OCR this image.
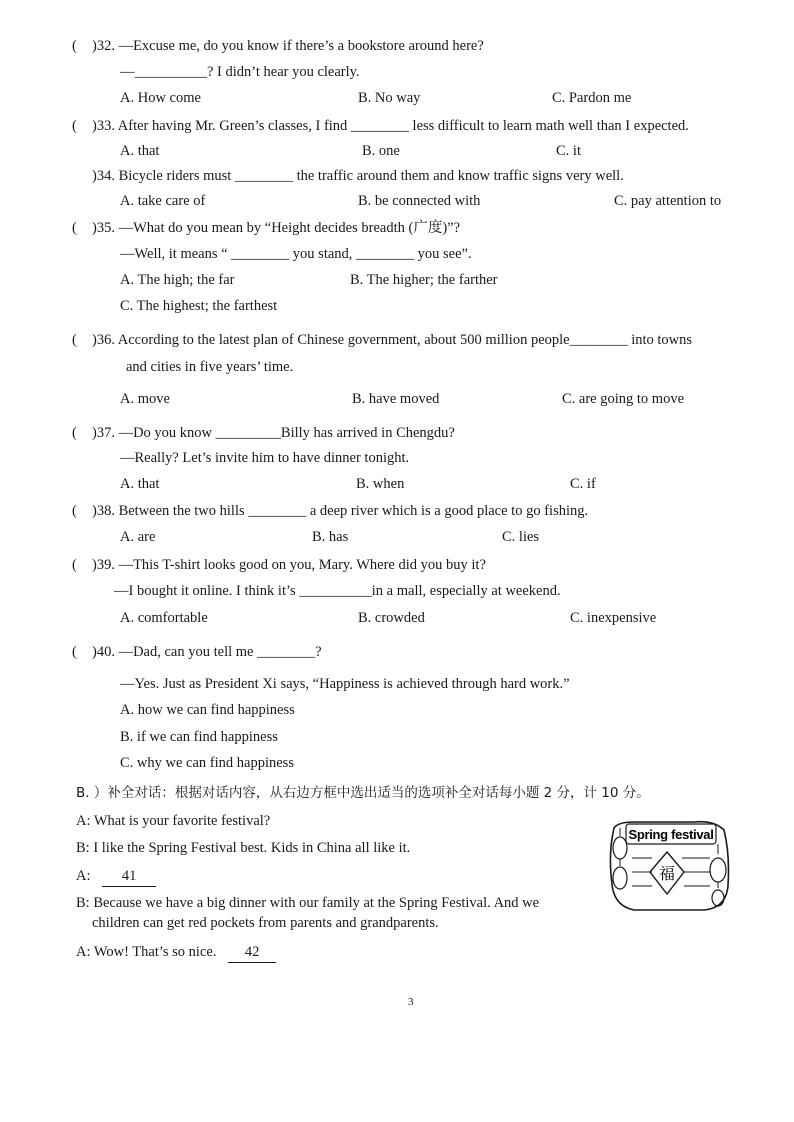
( )32. —Excuse me, do you know if there’s a bookstore around here?
—__________? I didn’t hear you clearly.
A. How come	B. No way	C. Pardon me
( )33. After having Mr. Green’s classes, I find ________ less difficult to learn math well than I expected.
A. that	B. one	C. it
)34. Bicycle riders must ________ the traffic around them and know traffic signs very well.
A. take care of	B. be connected with	C. pay attention to
( )35. —What do you mean by “Height decides breadth (广度)”?
—Well, it means “ ________ you stand, ________ you see”.
A. The high; the far	B. The higher; the farther
C. The highest; the farthest
( )36. According to the latest plan of Chinese government, about 500 million people________ into towns
and cities in five years’ time.
A. move	B. have moved	C. are going to move
( )37. —Do you know _________Billy has arrived in Chengdu?
—Really? Let’s invite him to have dinner tonight.
A. that	B. when	C. if
( )38. Between the two hills ________ a deep river which is a good place to go fishing.
A. are	B. has	C. lies
( )39. —This T-shirt looks good on you, Mary. Where did you buy it?
—I bought it online. I think it’s __________in a mall, especially at weekend.
A. comfortable	B. crowded	C. inexpensive
( )40. —Dad, can you tell me ________?
—Yes. Just as President Xi says, “Happiness is achieved through hard work.”
A. how we can find happiness
B. if we can find happiness
C. why we can find happiness
B. ）补全对话：根据对话内容，从右边方框中选出适当的选项补全对话每小题 2 分，计 10 分。
A: What is your favorite festival?
B: I like the Spring Festival best. Kids in China all like it.
A: 41
B: Because we have a big dinner with our family at the Spring Festival. And we
children can get red pockets from parents and grandparents.
A: Wow! That’s so nice. 42
Spring festival
福
3
